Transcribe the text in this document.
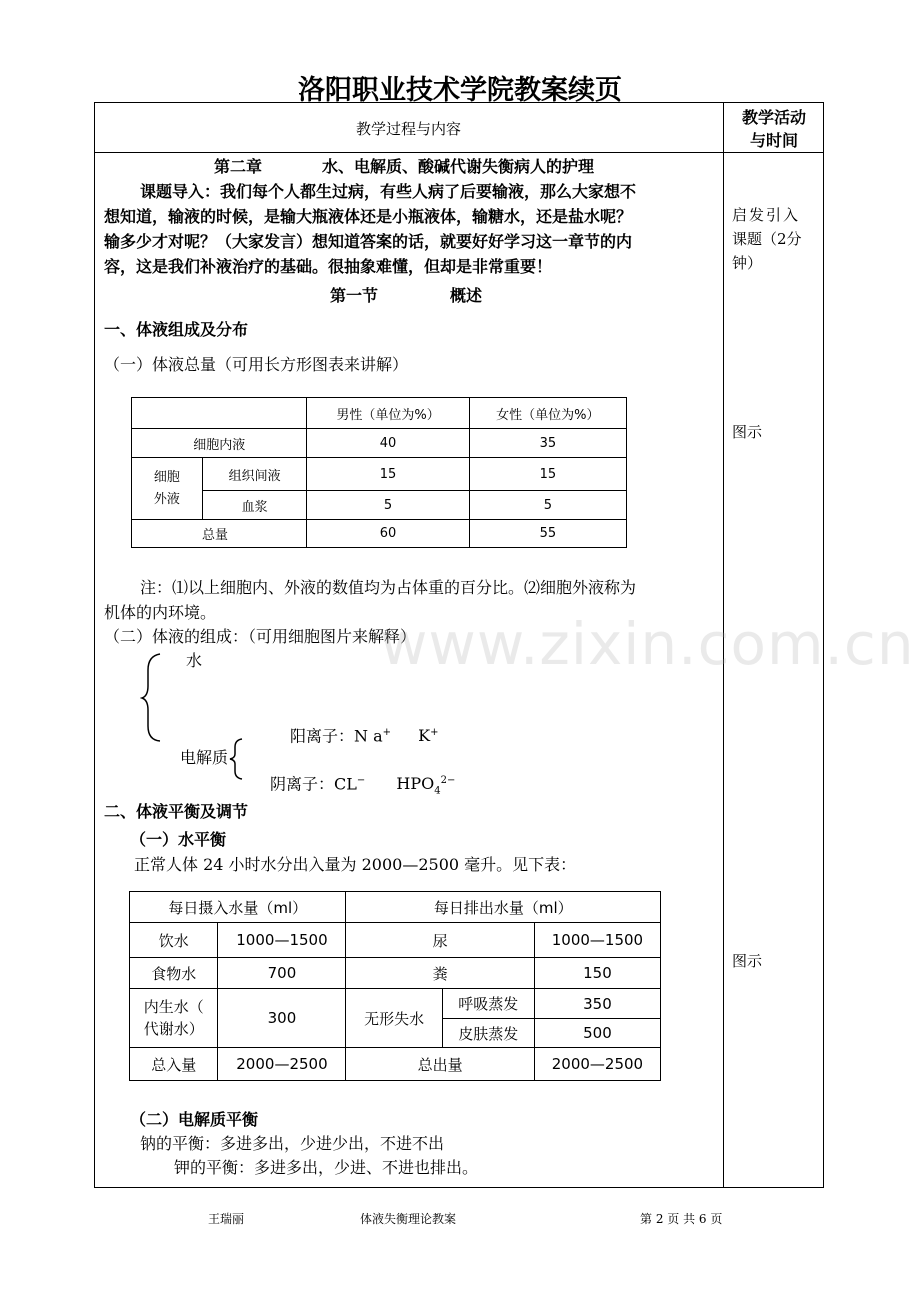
洛阳职业技术学院教案续页
教学过程与内容
教学活动
与时间
第二章	水、电解质、酸碱代谢失衡病人的护理
课题导入：我们每个人都生过病，有些人病了后要输液，那么大家想不
想知道，输液的时候，是输大瓶液体还是小瓶液体，输糖水，还是盐水呢？
输多少才对呢？（大家发言）想知道答案的话，就要好好学习这一章节的内
容，这是我们补液治疗的基础。很抽象难懂，但却是非常重要！
第一节	概述
一、体液组成及分布
（一）体液总量（可用长方形图表来讲解）
		男性（单位为%）	女性（单位为%）
细胞内液		40	35

细胞
外液	组织间液	15	15
	血浆	5	5
总量		60	55
注：⑴以上细胞内、外液的数值均为占体重的百分比。⑵细胞外液称为
机体的内环境。
（二）体液的组成：（可用细胞图片来解释）
水
电解质
阳离子：N a+ K+
阴离子：CL− $HPO_4^{2-}$
二、体液平衡及调节
（一）水平衡
正常人体 24 小时水分出入量为 2000—2500 毫升。见下表：
每日摄入水量（ml）		每日排出水量（ml）		
饮水	1000—1500	尿		1000—1500
食物水	700	粪		150

内生水（
代谢水）	300	无形失水	呼吸蒸发	350
			皮肤蒸发	500
总入量	2000—2500	总出量		2000—2500
（二）电解质平衡
钠的平衡：多进多出，少进少出，不进不出
钾的平衡：多进多出，少进、不进也排出。
启发引入
课题（2分
钟）
图示
图示
www.zixin.com.cn
王瑞丽	体液失衡理论教案	第 2 页 共 6 页
